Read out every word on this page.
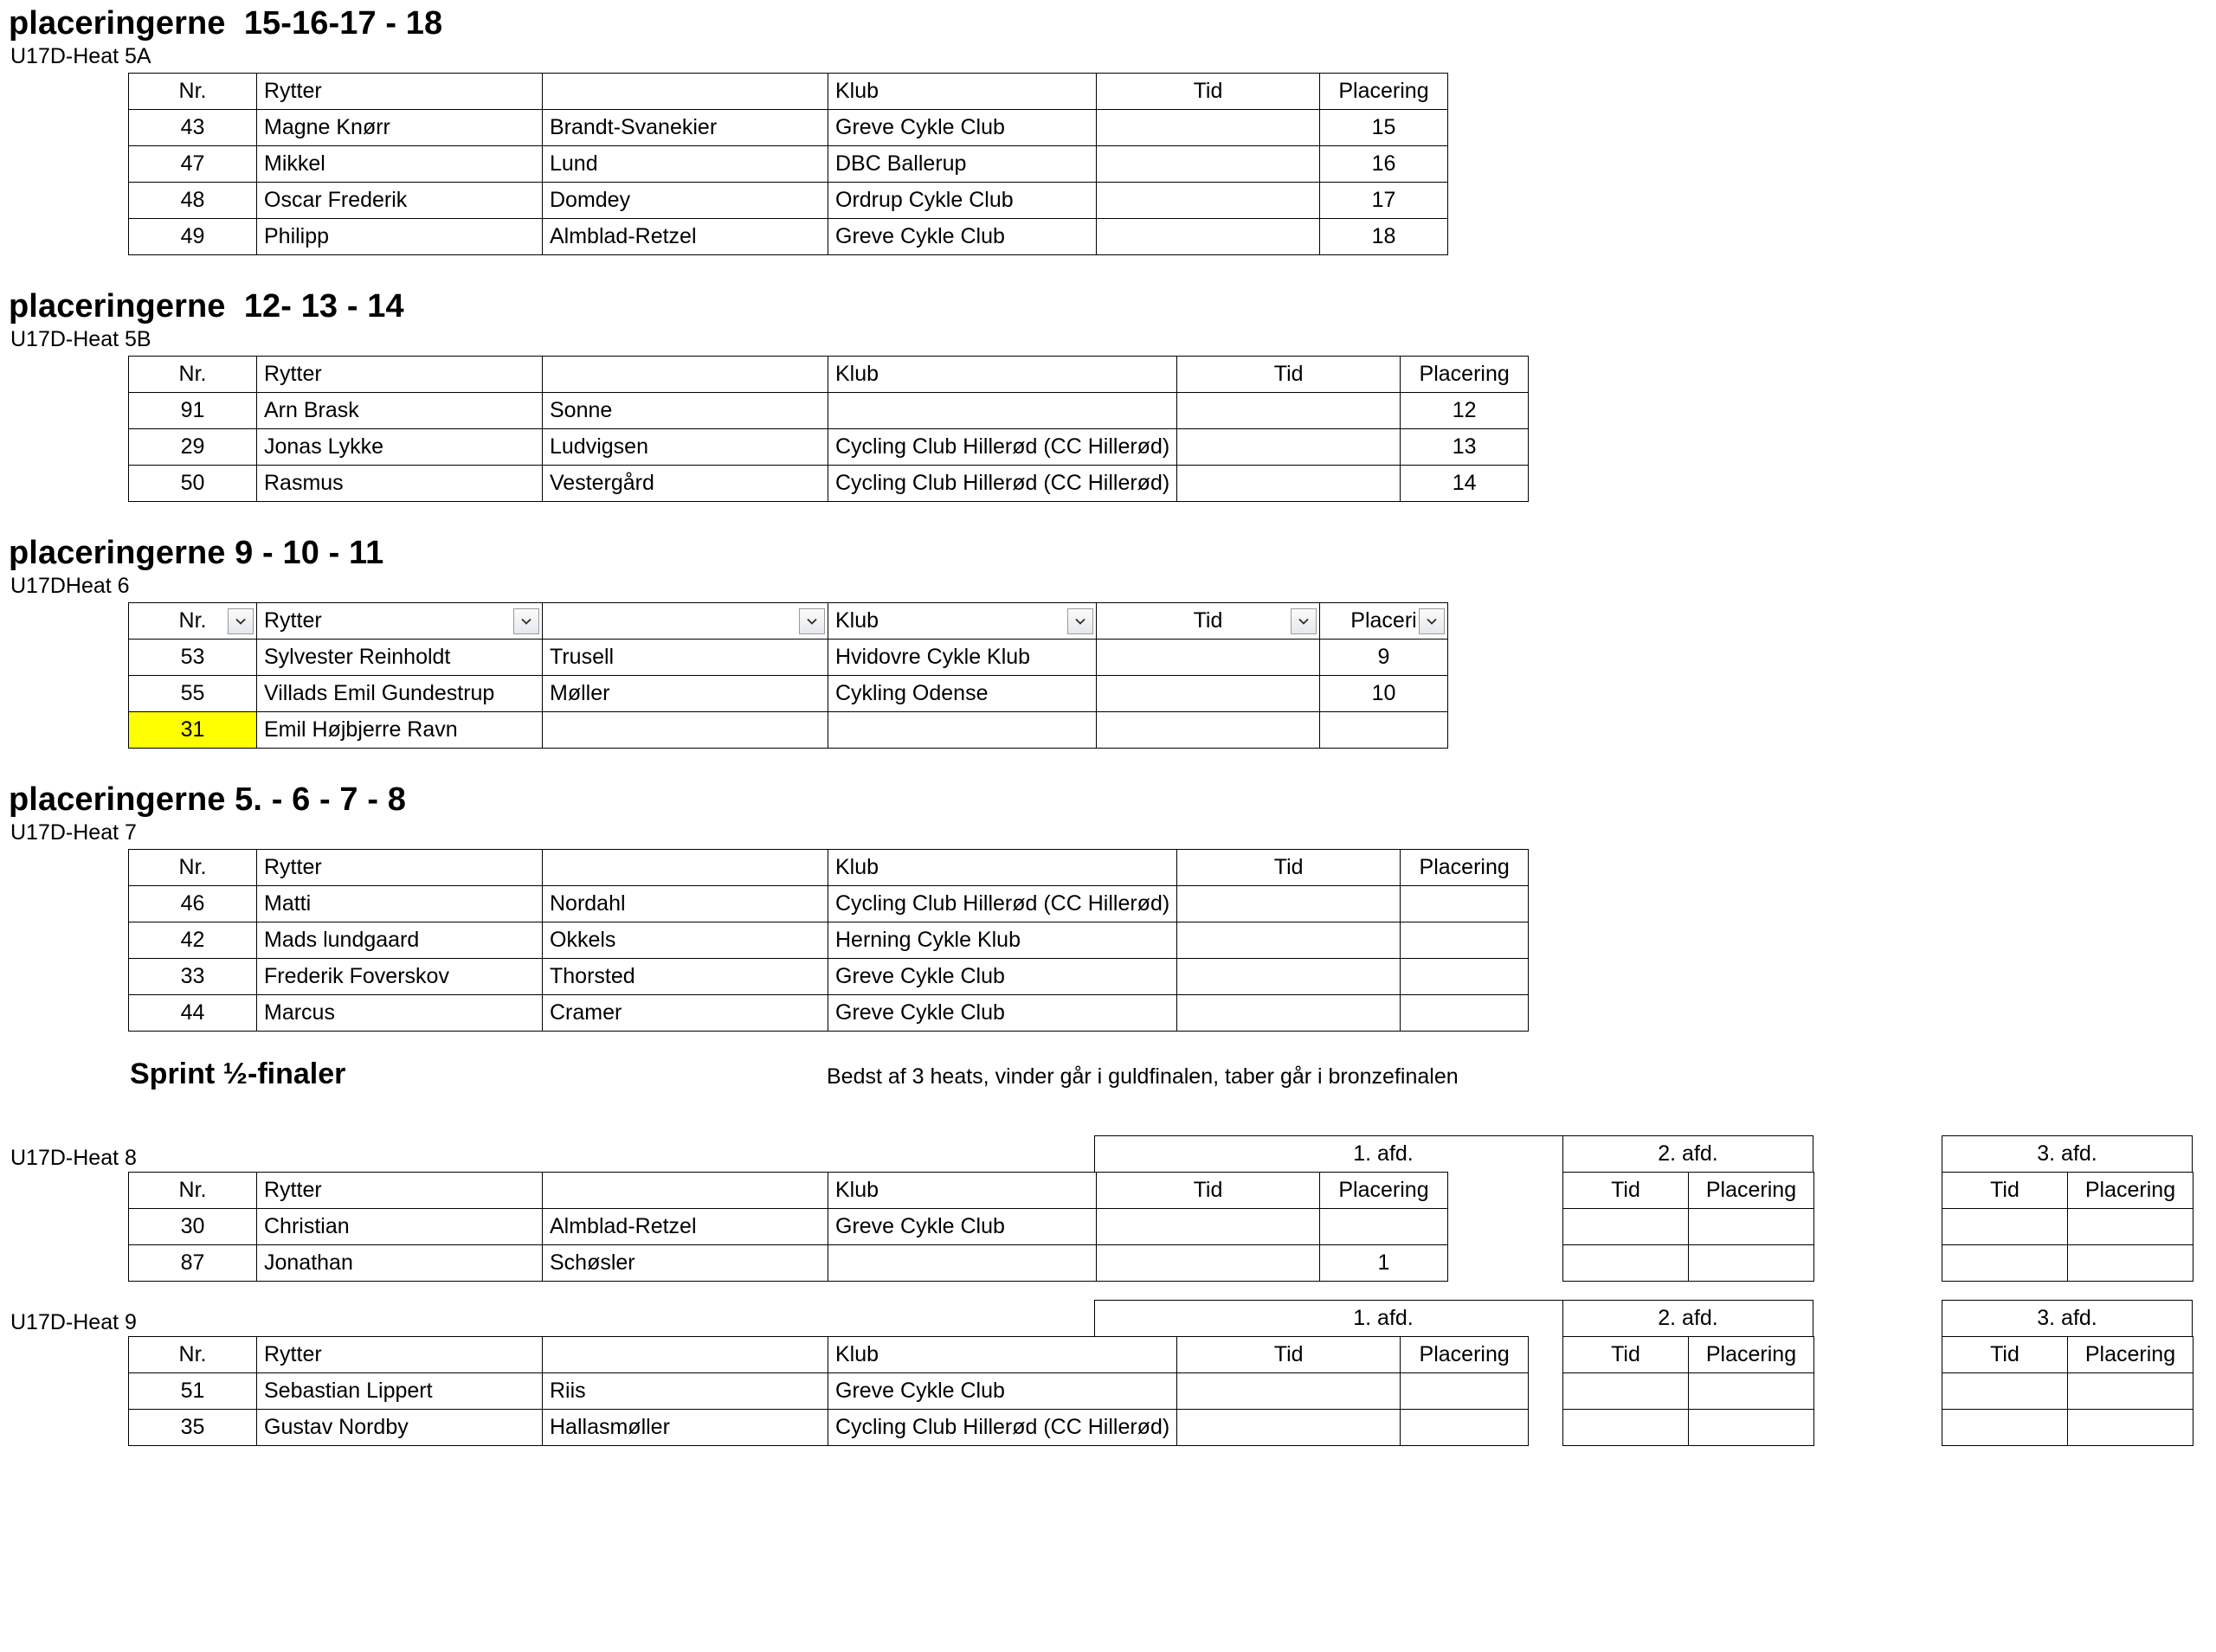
placeringerne  15-16-17 - 18
U17D-Heat 5A
Nr.	Rytter		Klub	Tid	Placering
43	Magne Knørr	Brandt-Svanekier	Greve Cykle Club		15
47	Mikkel	Lund	DBC Ballerup		16
48	Oscar Frederik	Domdey	Ordrup Cykle Club		17
49	Philipp	Almblad-Retzel	Greve Cykle Club		18
placeringerne  12- 13 - 14
U17D-Heat 5B
Nr.	Rytter		Klub	Tid	Placering
91	Arn Brask	Sonne			12
29	Jonas Lykke	Ludvigsen	Cycling Club Hillerød (CC Hillerød)		13
50	Rasmus	Vestergård	Cycling Club Hillerød (CC Hillerød)		14
placeringerne 9 - 10 - 11
U17DHeat 6
Nr.	Rytter		Klub	Tid	Placeri

53	Sylvester Reinholdt	Trusell	Hvidovre Cykle Klub		9
55	Villads Emil Gundestrup	Møller	Cykling Odense		10
31	Emil Højbjerre Ravn				
placeringerne 5. - 6 - 7 - 8
U17D-Heat 7
Nr.	Rytter		Klub	Tid	Placering
46	Matti	Nordahl	Cycling Club Hillerød (CC Hillerød)		
42	Mads lundgaard	Okkels	Herning Cykle Klub		
33	Frederik Foverskov	Thorsted	Greve Cykle Club		
44	Marcus	Cramer	Greve Cykle Club		
Sprint ½-finaler	Bedst af 3 heats, vinder går i guldfinalen, taber går i bronzefinalen
U17D-Heat 8	1. afd.
Nr.	Rytter		Klub	Tid	Placering
30	Christian	Almblad-Retzel	Greve Cykle Club		
87	Jonathan	Schøsler			1
2. afd.
Tid	Placering

3. afd.
Tid	Placering

U17D-Heat 9	1. afd.
Nr.	Rytter		Klub	Tid	Placering
51	Sebastian Lippert	Riis	Greve Cykle Club		
35	Gustav Nordby	Hallasmøller	Cycling Club Hillerød (CC Hillerød)		
2. afd.
Tid	Placering

3. afd.
Tid	Placering
